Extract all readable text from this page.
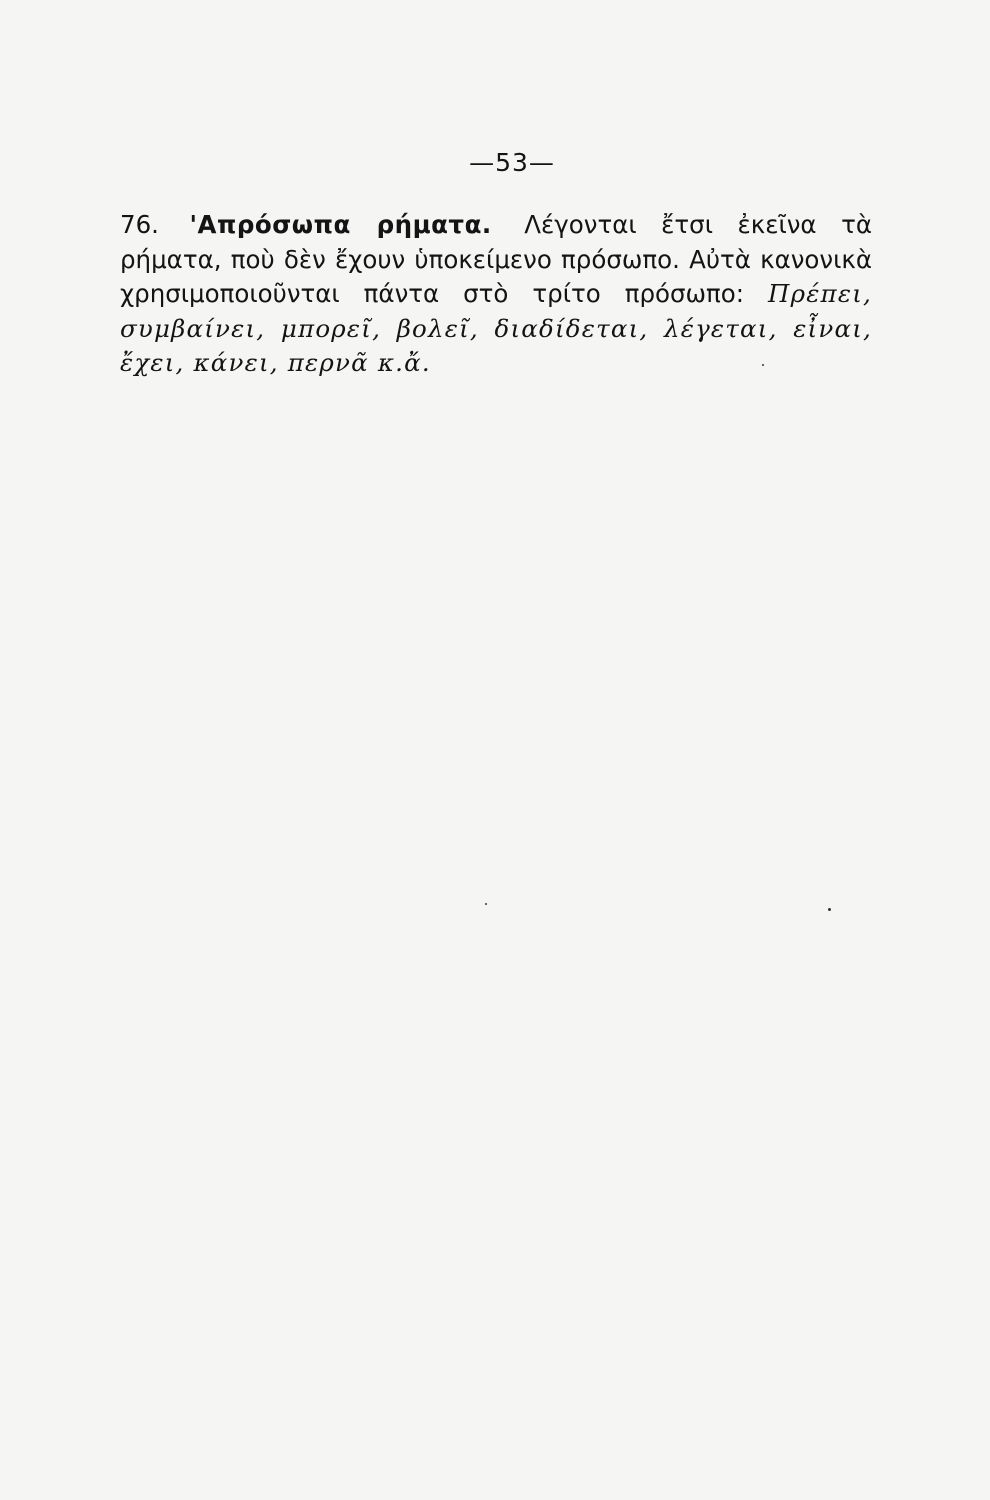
—53—

76. 'Απρόσωπα ρήματα. Λέγονται ἔτσι ἐκεῖνα τὰ ρήματα, ποὺ δὲν ἔχουν ὑποκείμενο πρόσωπο. Αὐτὰ κανονικὰ χρησιμοποιοῦνται πάντα στὸ τρίτο πρόσωπο: Πρέπει, συμβαίνει, μπορεῖ, βολεῖ, διαδίδεται, λέγεται, εἶναι, ἔχει, κάνει, περνᾶ κ.ἄ.
